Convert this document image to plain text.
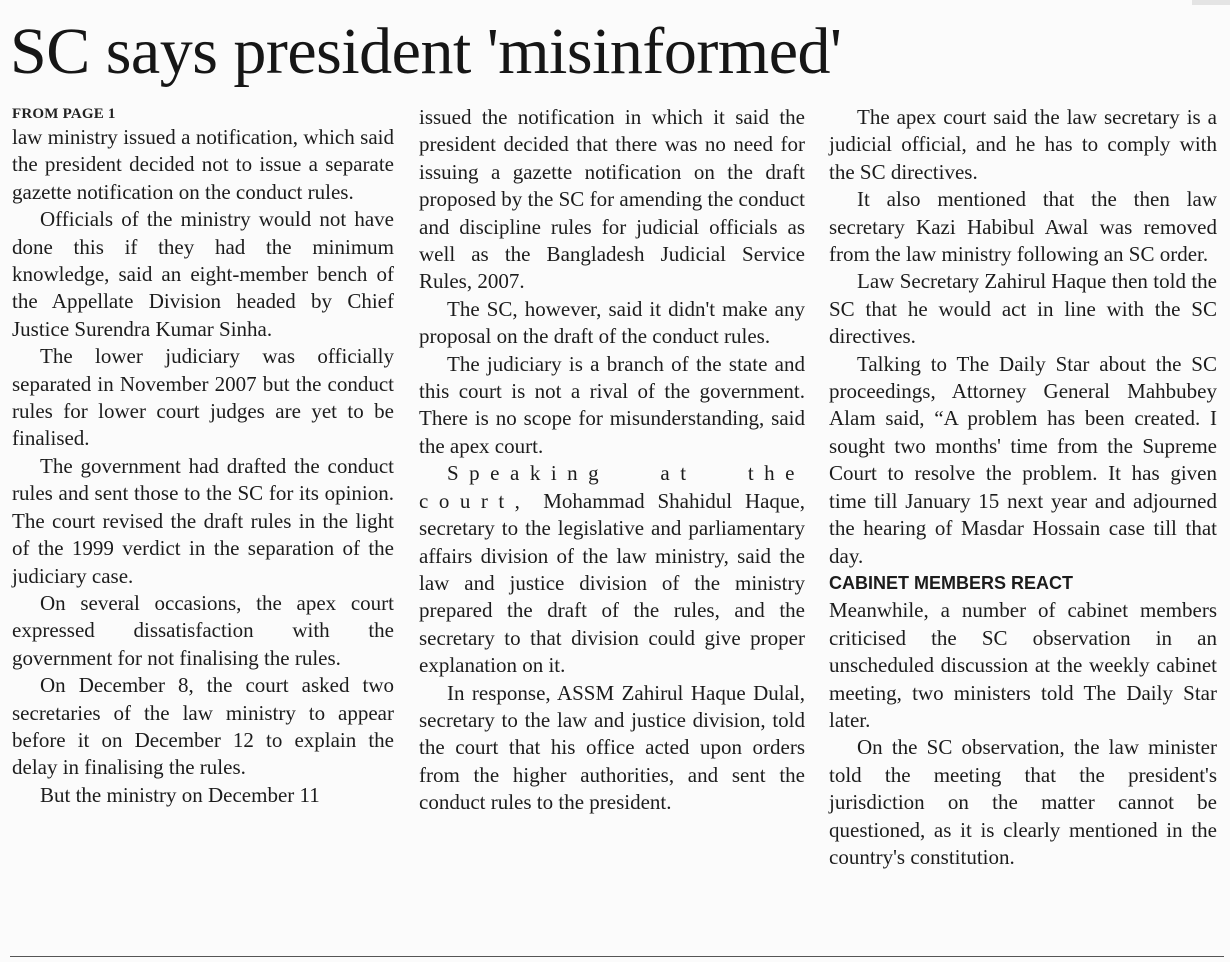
SC says president 'misinformed'
FROM PAGE 1

law ministry issued a notification, which said the president decided not to issue a separate gazette notification on the conduct rules.

Officials of the ministry would not have done this if they had the minimum knowledge, said an eight-member bench of the Appellate Division headed by Chief Justice Surendra Kumar Sinha.

The lower judiciary was officially separated in November 2007 but the conduct rules for lower court judges are yet to be finalised.

The government had drafted the conduct rules and sent those to the SC for its opinion. The court revised the draft rules in the light of the 1999 verdict in the separation of the judiciary case.

On several occasions, the apex court expressed dissatisfaction with the government for not finalising the rules.

On December 8, the court asked two secretaries of the law ministry to appear before it on December 12 to explain the delay in finalising the rules.

But the ministry on December 11

issued the notification in which it said the president decided that there was no need for issuing a gazette notification on the draft proposed by the SC for amending the conduct and discipline rules for judicial officials as well as the Bangladesh Judicial Service Rules, 2007.

The SC, however, said it didn't make any proposal on the draft of the conduct rules.

The judiciary is a branch of the state and this court is not a rival of the government. There is no scope for misunderstanding, said the apex court.

Speaking at the court, Mohammad Shahidul Haque, secretary to the legislative and parliamentary affairs division of the law ministry, said the law and justice division of the ministry prepared the draft of the rules, and the secretary to that division could give proper explanation on it.

In response, ASSM Zahirul Haque Dulal, secretary to the law and justice division, told the court that his office acted upon orders from the higher authorities, and sent the conduct rules to the president.

The apex court said the law secretary is a judicial official, and he has to comply with the SC directives.

It also mentioned that the then law secretary Kazi Habibul Awal was removed from the law ministry following an SC order.

Law Secretary Zahirul Haque then told the SC that he would act in line with the SC directives.

Talking to The Daily Star about the SC proceedings, Attorney General Mahbubey Alam said, “A problem has been created. I sought two months' time from the Supreme Court to resolve the problem. It has given time till January 15 next year and adjourned the hearing of Masdar Hossain case till that day.

CABINET MEMBERS REACT

Meanwhile, a number of cabinet members criticised the SC observation in an unscheduled discussion at the weekly cabinet meeting, two ministers told The Daily Star later.

On the SC observation, the law minister told the meeting that the president's jurisdiction on the matter cannot be questioned, as it is clearly mentioned in the country's constitution.
